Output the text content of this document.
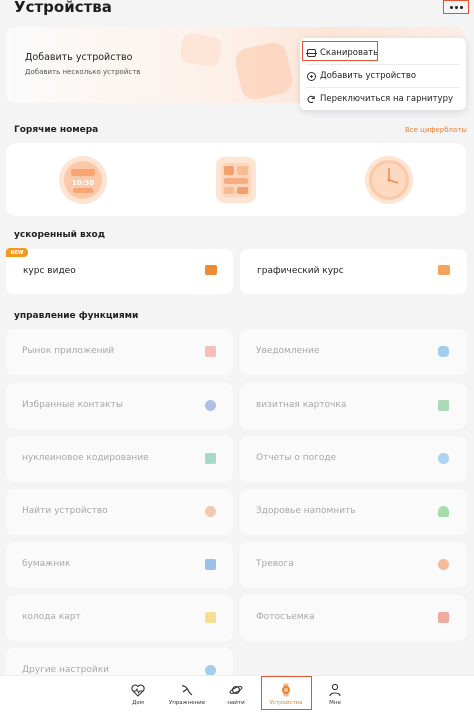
Устройства
Добавить устройство
Добавить несколько устройств
Сканировать
Добавить устройство
Переключиться на гарнитуру
Горячие номера	Все циферблаты
10:30
ускоренный вход
курс видео
NEW
графический курс
управление функциями
Рынок приложений	Уведомление
Избранные контакты	визитная карточка
нуклеиновое кодирование	Отчеты о погоде
Найти устройство	Здоровье напомнить
бумажник	Тревога
колода карт	Фотосъемка
Другие настройки
Дом	Упражнение	найти	Устройства	Мне
